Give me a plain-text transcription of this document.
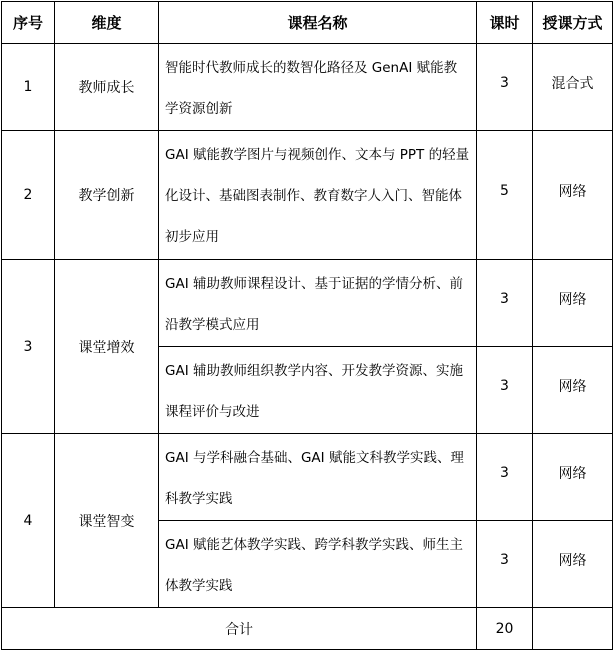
序号	维度	课程名称	课时	授课方式
1	教师成长	智能时代教师成长的数智化路径及 GenAI 赋能教学资源创新	3	混合式
2	教学创新	GAI 赋能教学图片与视频创作、文本与 PPT 的轻量化设计、基础图表制作、教育数字人入门、智能体初步应用	5	网络
3	课堂增效	GAI 辅助教师课程设计、基于证据的学情分析、前沿教学模式应用	3	网络
		GAI 辅助教师组织教学内容、开发教学资源、实施课程评价与改进	3	网络
4	课堂智变	GAI 与学科融合基础、GAI 赋能文科教学实践、理科教学实践	3	网络
		GAI 赋能艺体教学实践、跨学科教学实践、师生主体教学实践	3	网络
合计			20	
